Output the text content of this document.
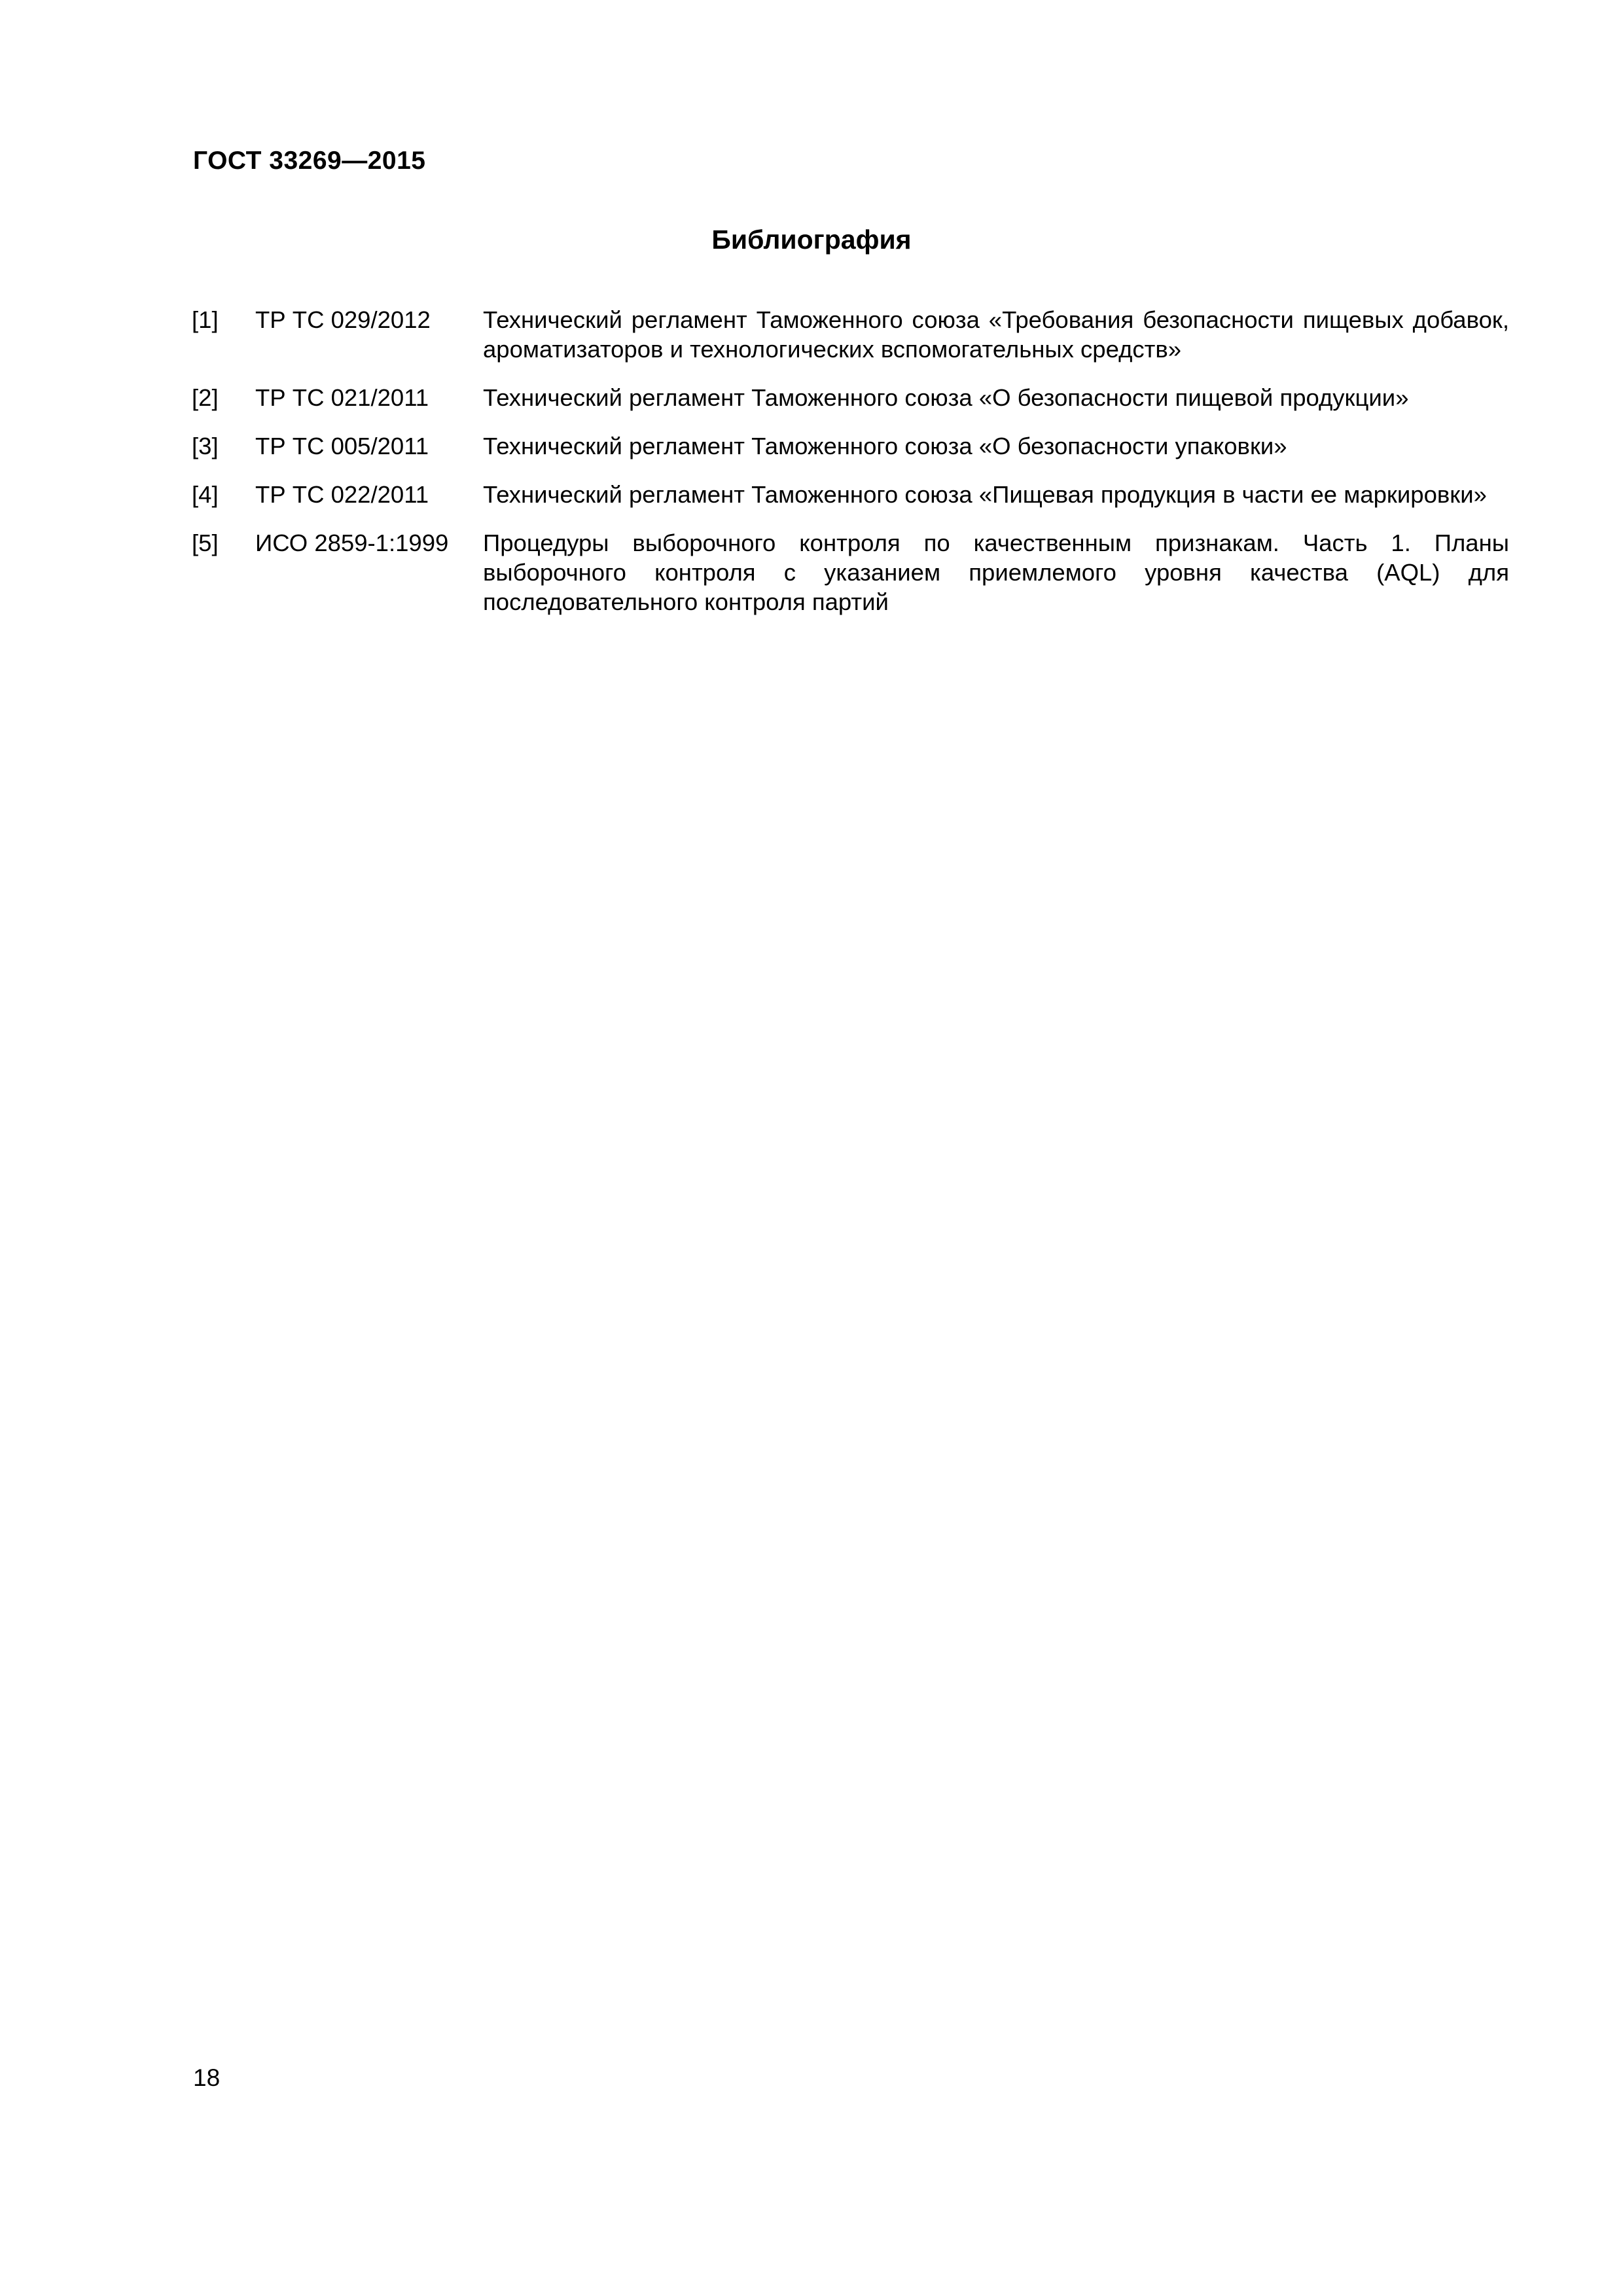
ГОСТ 33269—2015
Библиография
[1] ТР ТС 029/2012 Технический регламент Таможенного союза «Требования безопасности пищевых добавок, ароматизаторов и технологических вспомогательных средств»
[2] ТР ТС 021/2011 Технический регламент Таможенного союза «О безопасности пищевой продукции»
[3] ТР ТС 005/2011 Технический регламент Таможенного союза «О безопасности упаковки»
[4] ТР ТС 022/2011 Технический регламент Таможенного союза «Пищевая продукция в части ее маркировки»
[5] ИСО 2859-1:1999 Процедуры выборочного контроля по качественным признакам. Часть 1. Планы выборочного контроля с указанием приемлемого уровня качества (AQL) для последовательного контроля партий
18
